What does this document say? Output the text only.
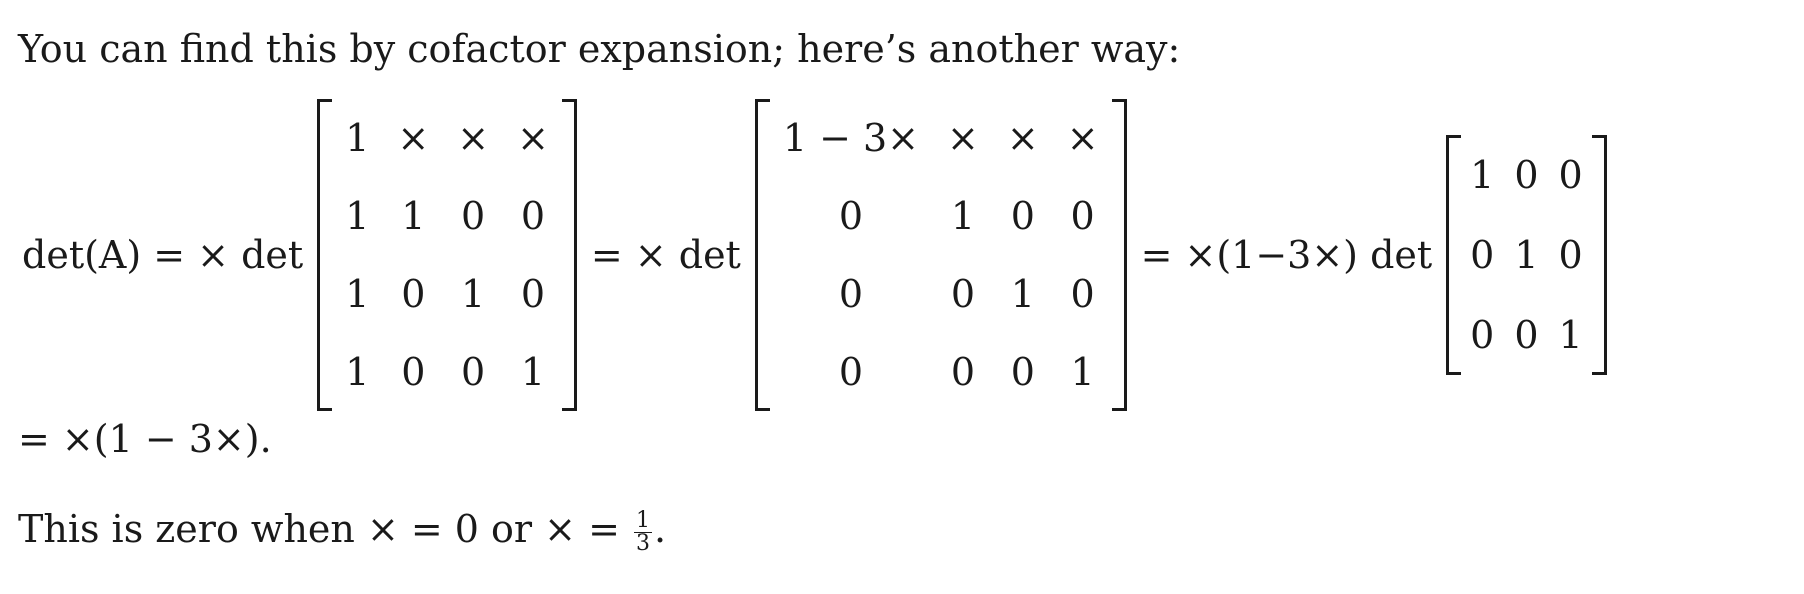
You can find this by cofactor expansion; here’s another way:
det(A) = × det
1	×	×	×
1	1	0	0
1	0	1	0
1	0	0	1
= × det
1 − 3×	×	×	×
0	1	0	0
0	0	1	0
0	0	0	1
= ×(1−3×) det
1	0	0
0	1	0
0	0	1
= ×(1 − 3×).
This is zero when × = 0 or × = $\frac{1}{3}$ .
